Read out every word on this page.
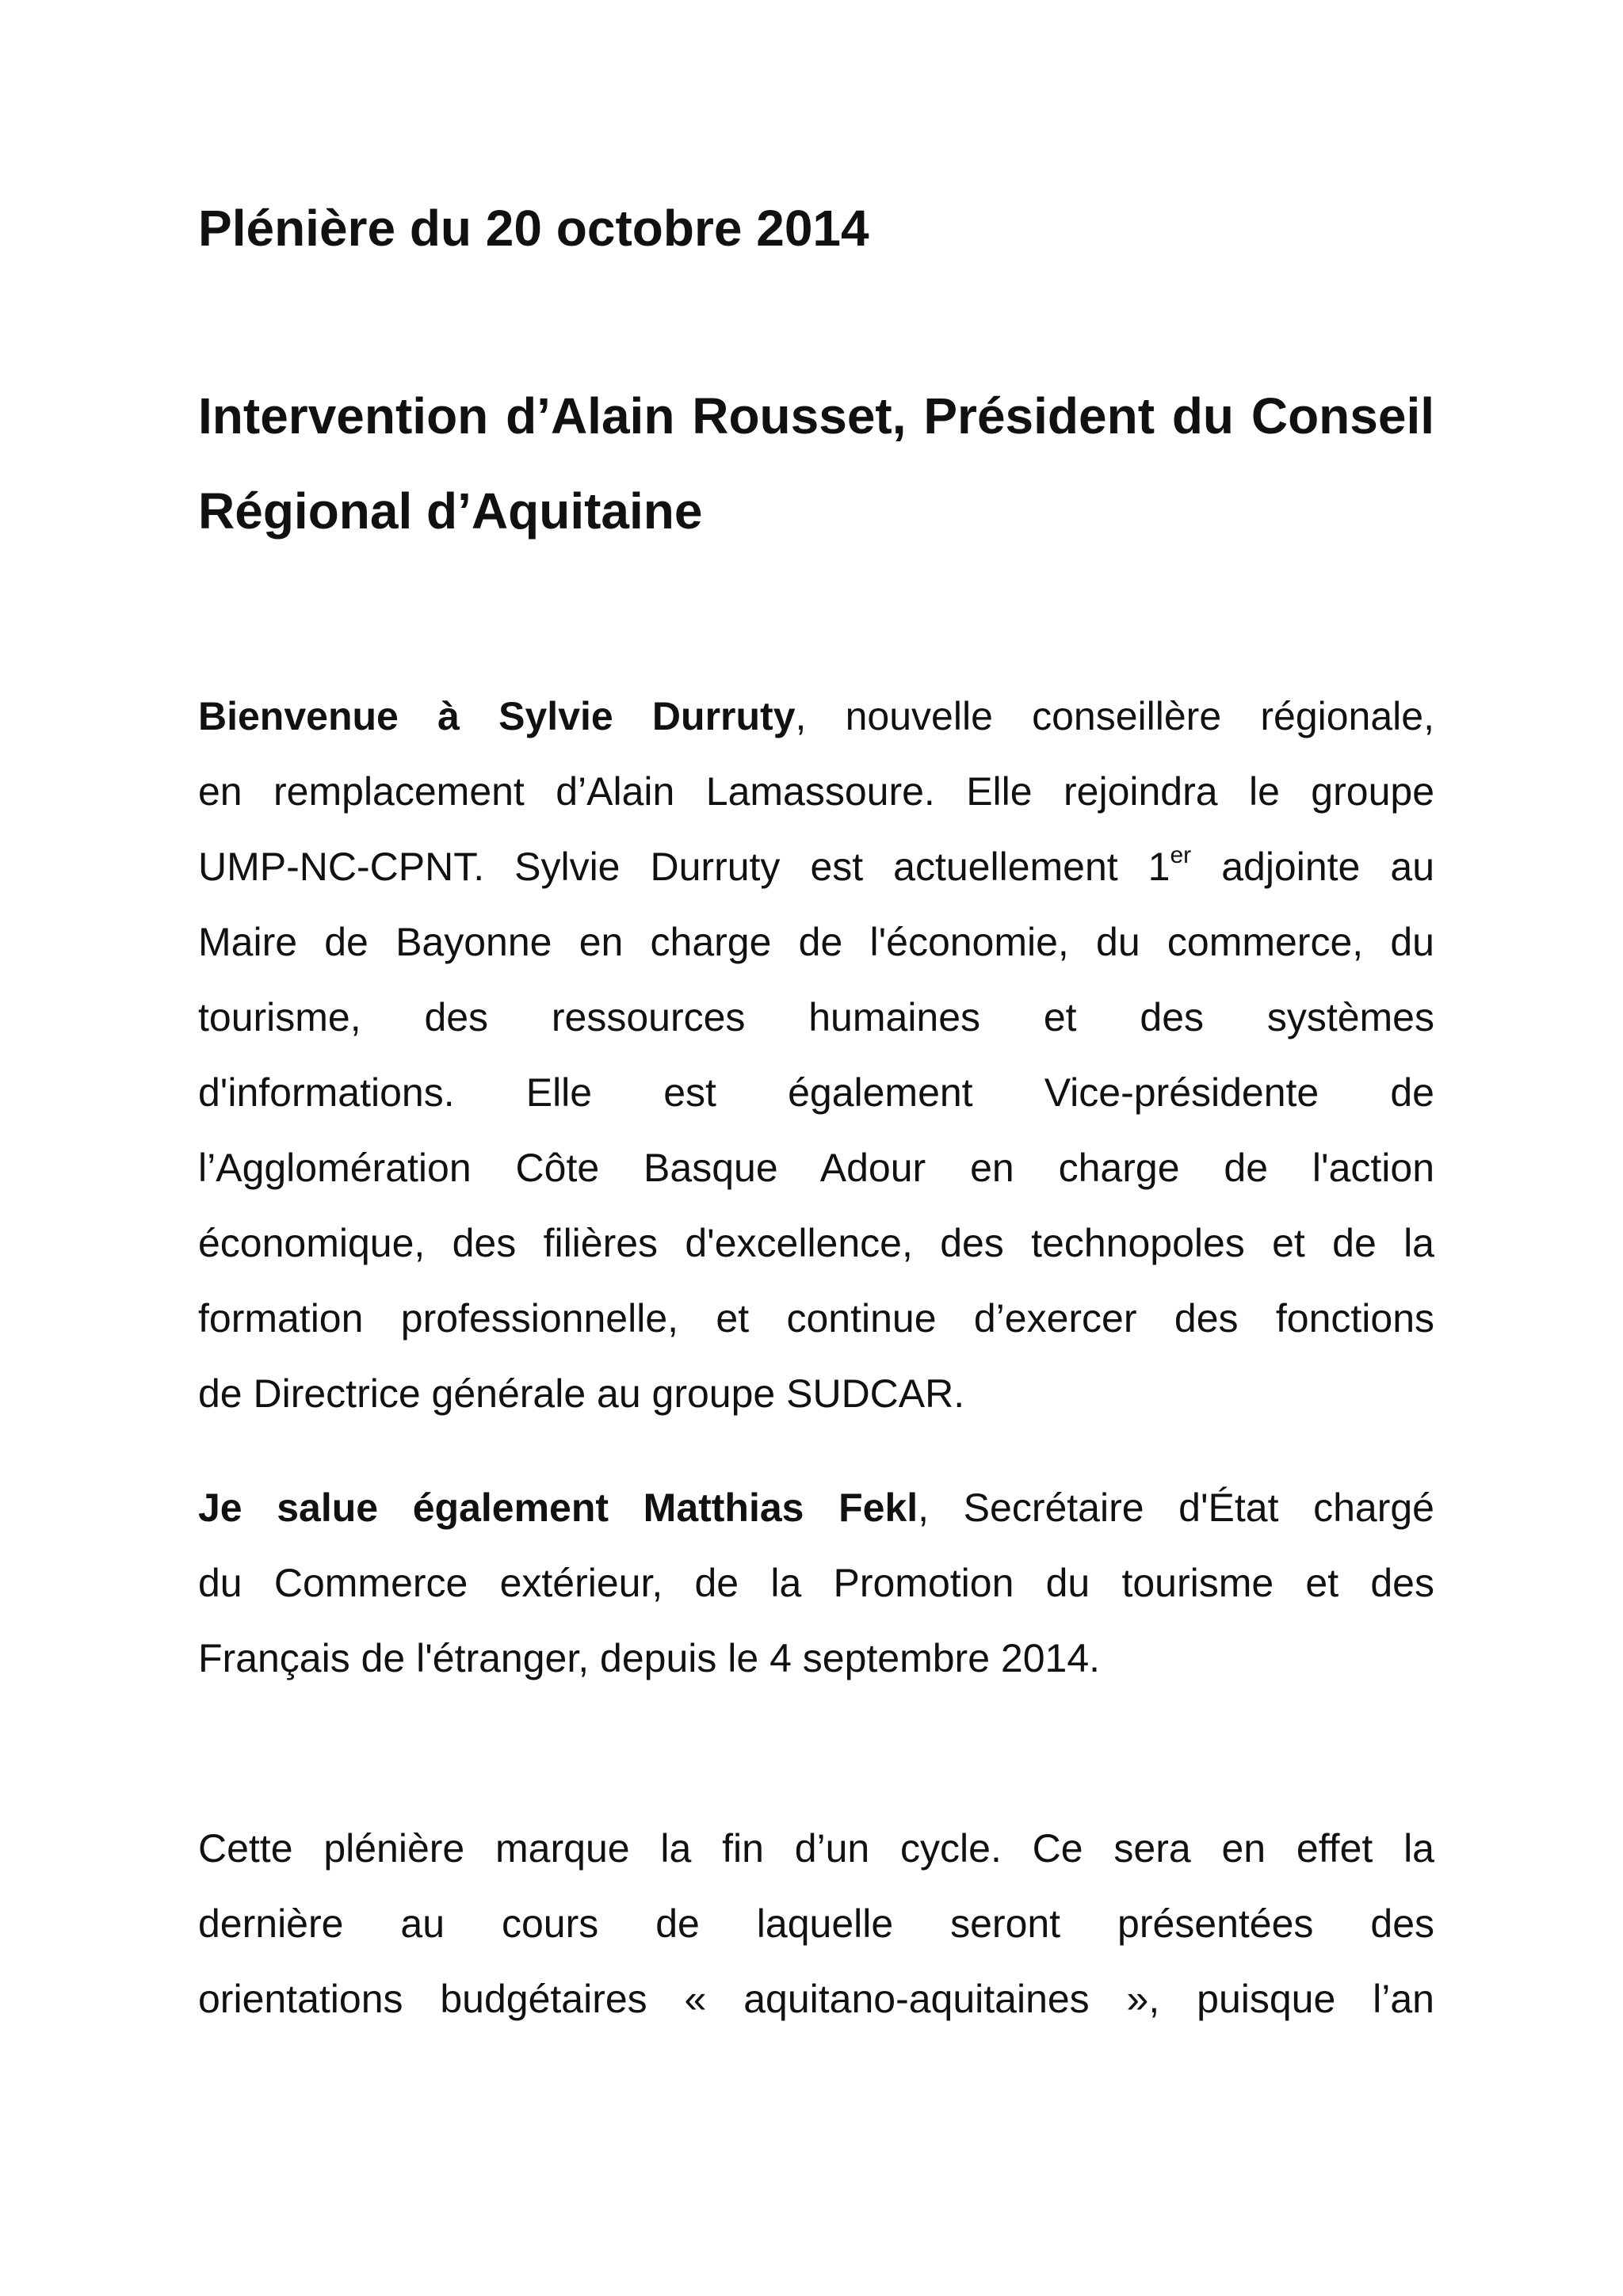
Plénière du 20 octobre 2014
Intervention d’Alain Rousset, Président du Conseil Régional d’Aquitaine
Bienvenue à Sylvie Durruty, nouvelle conseillère régionale,
en remplacement d’Alain Lamassoure. Elle rejoindra le groupe
UMP-NC-CPNT. Sylvie Durruty est actuellement 1er adjointe au
Maire de Bayonne en charge de l'économie, du commerce, du
tourisme, des ressources humaines et des systèmes
d'informations. Elle est également Vice-présidente de
l’Agglomération Côte Basque Adour en charge de l'action
économique, des filières d'excellence, des technopoles et de la
formation professionnelle, et continue d’exercer des fonctions
de Directrice générale au groupe SUDCAR.
Je salue également Matthias Fekl, Secrétaire d'État chargé
du Commerce extérieur, de la Promotion du tourisme et des
Français de l'étranger, depuis le 4 septembre 2014.
Cette plénière marque la fin d’un cycle. Ce sera en effet la
dernière au cours de laquelle seront présentées des
orientations budgétaires « aquitano-aquitaines », puisque l’an
